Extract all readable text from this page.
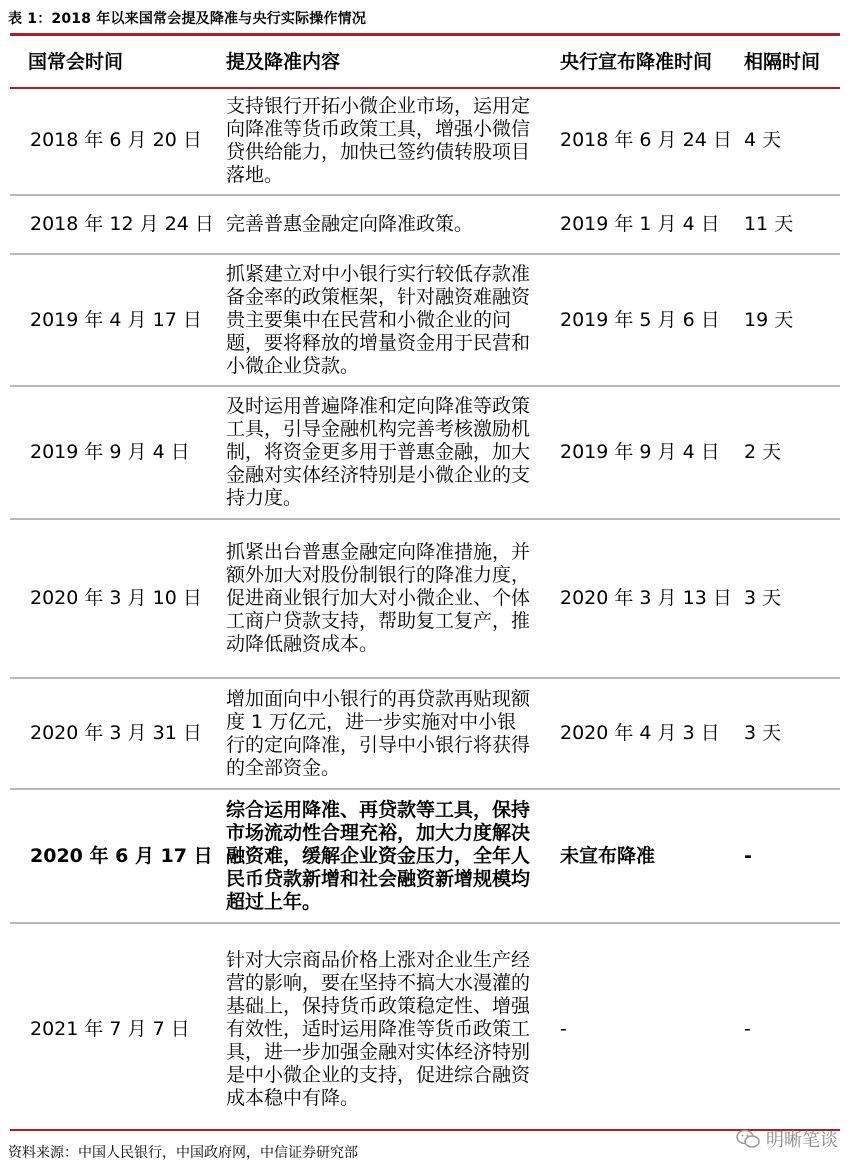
表 1：2018 年以来国常会提及降准与央行实际操作情况
国常会时间	提及降准内容	央行宣布降准时间	相隔时间
2018 年 6 月 20 日	支持银行开拓小微企业市场，运用定向降准等货币政策工具，增强小微信贷供给能力，加快已签约债转股项目落地。	2018 年 6 月 24 日	4 天
2018 年 12 月 24 日	完善普惠金融定向降准政策。	2019 年 1 月 4 日	11 天
2019 年 4 月 17 日	抓紧建立对中小银行实行较低存款准备金率的政策框架，针对融资难融资贵主要集中在民营和小微企业的问题，要将释放的增量资金用于民营和小微企业贷款。	2019 年 5 月 6 日	19 天
2019 年 9 月 4 日	及时运用普遍降准和定向降准等政策工具，引导金融机构完善考核激励机制，将资金更多用于普惠金融，加大金融对实体经济特别是小微企业的支持力度。	2019 年 9 月 4 日	2 天
2020 年 3 月 10 日	抓紧出台普惠金融定向降准措施，并额外加大对股份制银行的降准力度，促进商业银行加大对小微企业、个体工商户贷款支持，帮助复工复产，推动降低融资成本。	2020 年 3 月 13 日	3 天
2020 年 3 月 31 日	增加面向中小银行的再贷款再贴现额度 1 万亿元，进一步实施对中小银行的定向降准，引导中小银行将获得的全部资金。	2020 年 4 月 3 日	3 天
2020 年 6 月 17 日	综合运用降准、再贷款等工具，保持市场流动性合理充裕，加大力度解决融资难，缓解企业资金压力，全年人民币贷款新增和社会融资新增规模均超过上年。	未宣布降准	-
2021 年 7 月 7 日	针对大宗商品价格上涨对企业生产经营的影响，要在坚持不搞大水漫灌的基础上，保持货币政策稳定性、增强有效性，适时运用降准等货币政策工具，进一步加强金融对实体经济特别是中小微企业的支持，促进综合融资成本稳中有降。	-	-
资料来源：中国人民银行，中国政府网，中信证券研究部
明晰笔谈
